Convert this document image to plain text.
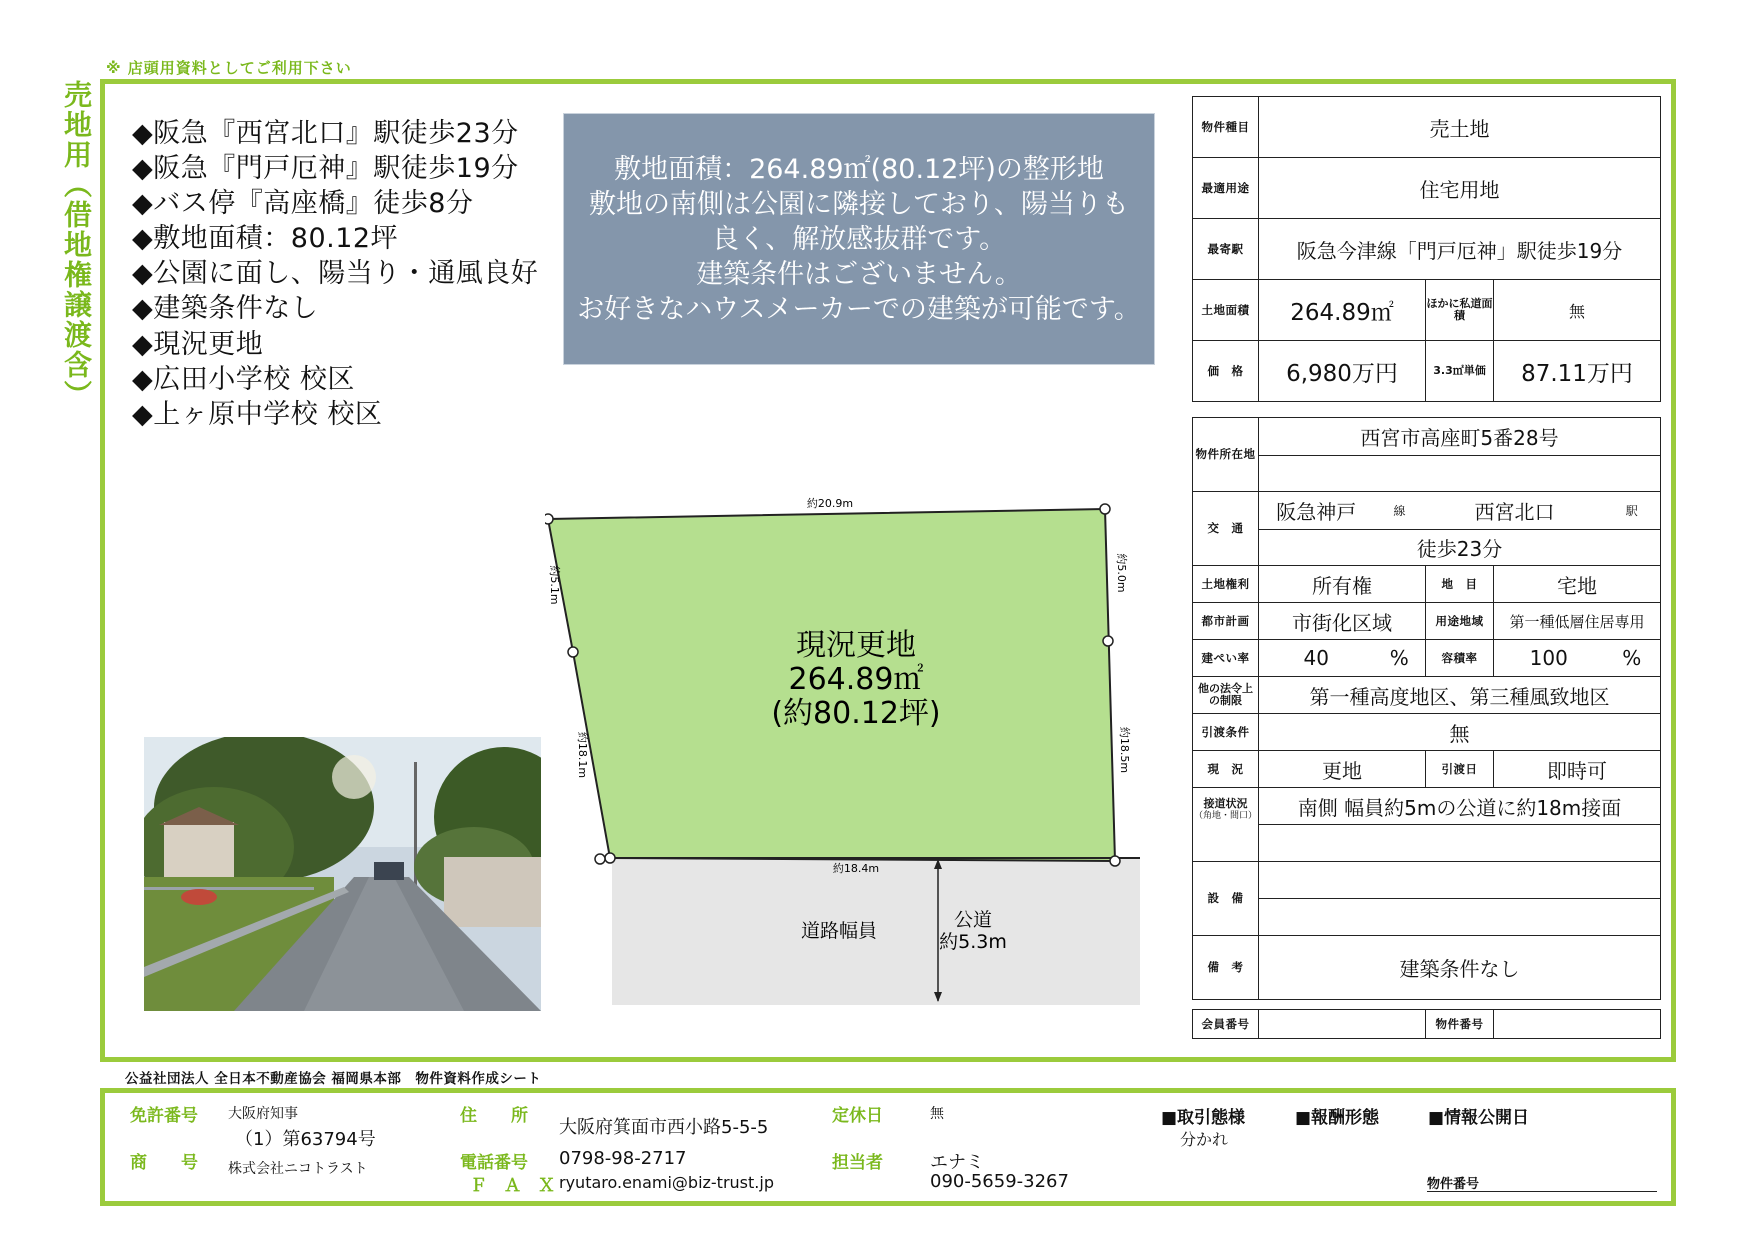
※ 店頭用資料としてご利用下さい
売地用（借地権譲渡含） ◆阪急『西宮北口』駅徒歩23分
◆阪急『門戸厄神』駅徒歩19分
◆バス停『高座橋』徒歩8分
◆敷地面積：80.12坪
◆公園に面し、陽当り・通風良好
◆建築条件なし
◆現況更地
◆広田小学校 校区
◆上ヶ原中学校 校区
敷地面積：264.89㎡(80.12坪)の整形地
敷地の南側は公園に隣接しており、陽当りも
良く、解放感抜群です。
建築条件はございません。
お好きなハウスメーカーでの建築が可能です。
約20.9m
約5.1m
約18.1m
約5.0m
約18.5m
約18.4m
現況更地
264.89㎡
(約80.12坪)
道路幅員	公道
約5.3m
物件種目	売土地		
最適用途	住宅用地		
最寄駅	阪急今津線「門戸厄神」駅徒歩19分		
土地面積	264.89㎡	ほかに私道面積	無
価　格	6,980万円	3.3㎡単価	87.11万円
物件所在地	西宮市高座町5番28号				

交　通	阪急神戸	線	西宮北口		駅
	徒歩23分				
土地権利	所有権		地　目	宅地	
都市計画	市街化区域		用途地域	第一種低層住居専用	
建ぺい率	40	%	容積率	100	%
他の法令上の制限	第一種高度地区、第三種風致地区				
引渡条件	無				
現　況	更地		引渡日	即時可	

接道状況
（角地・間口）	南側 幅員約5mの公道に約18m接面				

設　備					

備　考	建築条件なし				

会員番号			物件番号		
公益社団法人 全日本不動産協会 福岡県本部　物件資料作成シート
免許番号 大阪府知事
（1）第63794号
商　　号 株式会社ニコトラスト
住　　所
大阪府箕面市西小路5-5-5
電話番号 0798-98-2717
Ｆ　Ａ　Ｘ ryutaro.enami@biz-trust.jp
定休日	無
担当者	エナミ
090-5659-3267
■取引態様
分かれ
■報酬形態	■情報公開日
物件番号
